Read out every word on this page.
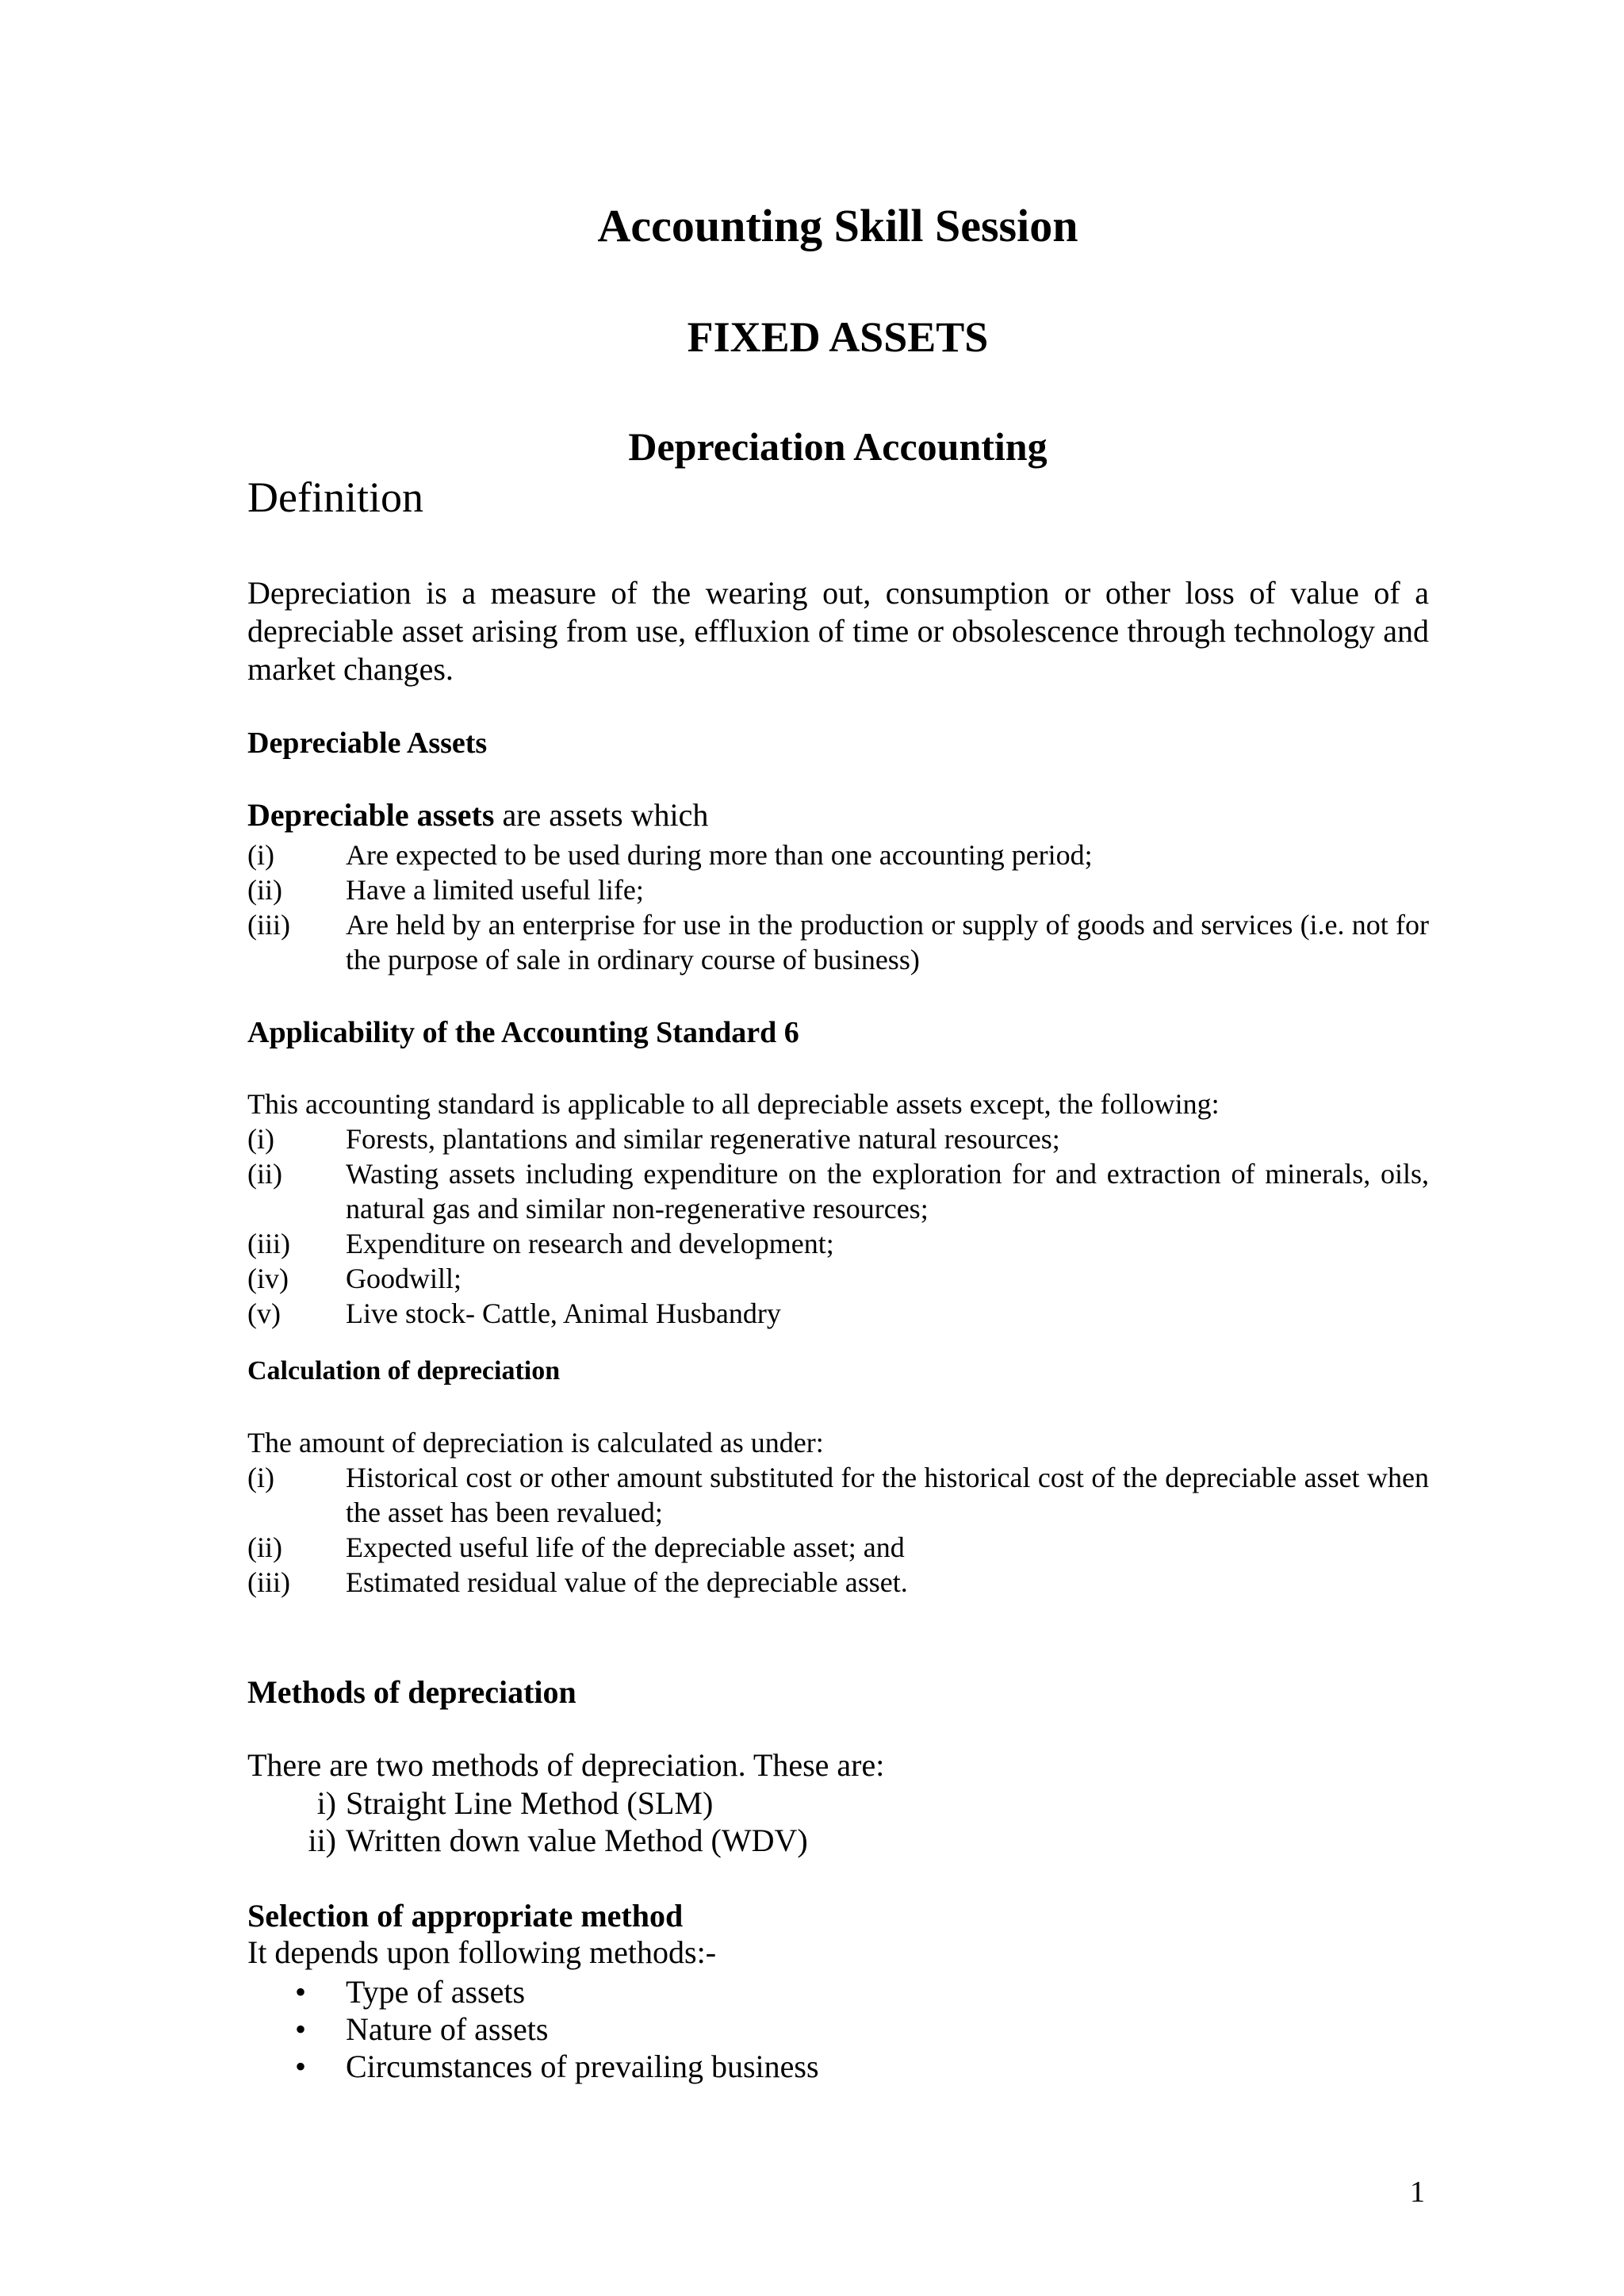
Accounting Skill Session
FIXED ASSETS
Depreciation Accounting
Definition

Depreciation is a measure of the wearing out, consumption or other loss of value of a depreciable asset arising from use, effluxion of time or obsolescence through technology and market changes.

Depreciable Assets
Depreciable assets are assets which
(i)	Are expected to be used during more than one accounting period;
(ii) Have a limited useful life;
(iii) Are held by an enterprise for use in the production or supply of goods and services (i.e. not for the purpose of sale in ordinary course of business)
Applicability of the Accounting Standard 6
This accounting standard is applicable to all depreciable assets except, the following:
(i)	Forests, plantations and similar regenerative natural resources;
(ii) Wasting assets including expenditure on the exploration for and extraction of minerals, oils, natural gas and similar non-regenerative resources;
(iii) Expenditure on research and development;
(iv) Goodwill;
(v) Live stock- Cattle, Animal Husbandry
Calculation of depreciation
The amount of depreciation is calculated as under:
(i)	Historical cost or other amount substituted for the historical cost of the depreciable asset when the asset has been revalued;
(ii) Expected useful life of the depreciable asset; and
(iii) Estimated residual value of the depreciable asset.
Methods of depreciation
There are two methods of depreciation. These are:
i) Straight Line Method (SLM)
ii) Written down value Method (WDV)
Selection of appropriate method
It depends upon following methods:-
• Type of assets
• Nature of assets
• Circumstances of prevailing business
1
